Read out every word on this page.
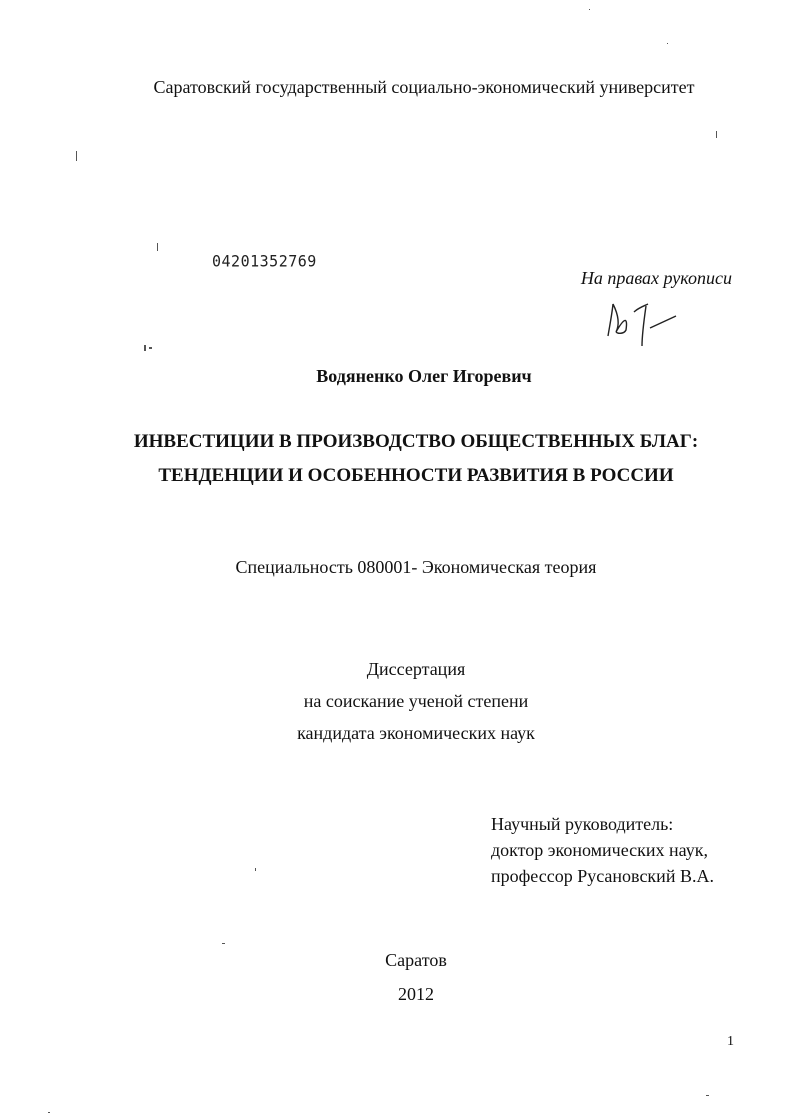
Саратовский государственный социально-экономический университет
04201352769
На правах рукописи
Водяненко Олег Игоревич
ИНВЕСТИЦИИ В ПРОИЗВОДСТВО ОБЩЕСТВЕННЫХ БЛАГ:
ТЕНДЕНЦИИ И ОСОБЕННОСТИ РАЗВИТИЯ В РОССИИ
Специальность 080001- Экономическая теория
Диссертация
на соискание ученой степени
кандидата экономических наук
Научный руководитель:
доктор экономических наук,
профессор Русановский В.А.
Саратов
2012
1
